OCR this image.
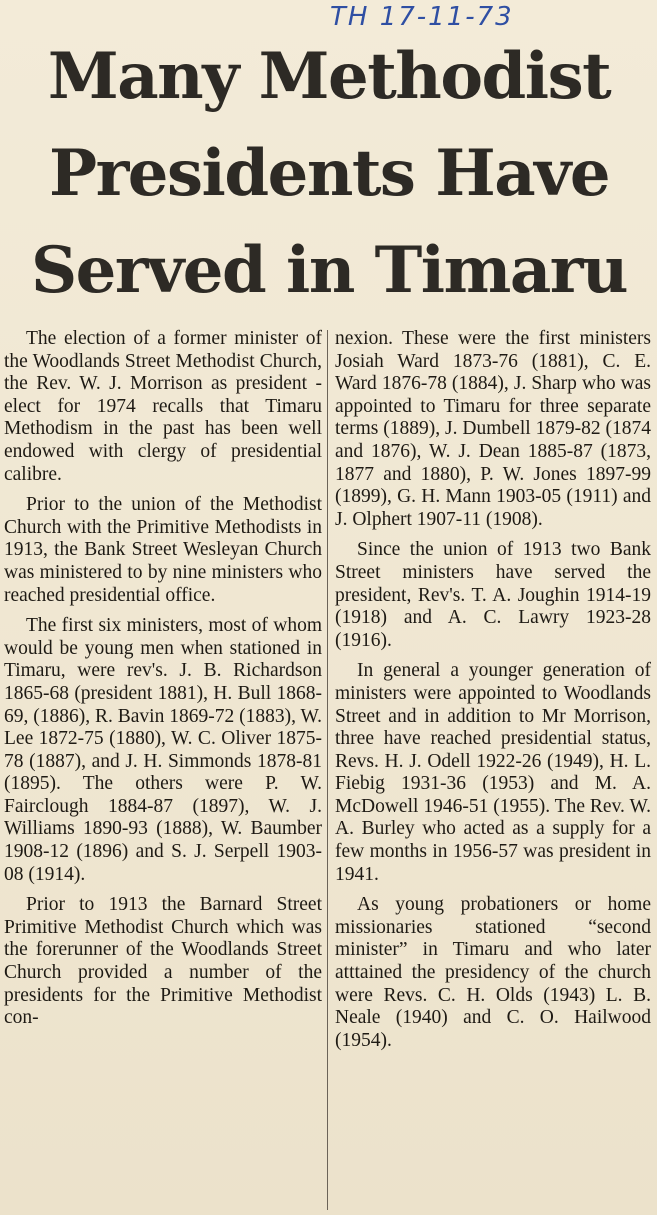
TH 17-11-73
Many Methodist
Presidents Have
Served in Timaru

The election of a former minister of the Woodlands Street Methodist Church, the Rev. W. J. Morrison as president - elect for 1974 recalls that Timaru Methodism in the past has been well endowed with clergy of presidential calibre.

Prior to the union of the Methodist Church with the Primitive Methodists in 1913, the Bank Street Wesleyan Church was ministered to by nine ministers who reached presidential office.

The first six ministers, most of whom would be young men when stationed in Timaru, were rev's. J. B. Richardson 1865-68 (president 1881), H. Bull 1868-69, (1886), R. Bavin 1869-72 (1883), W. Lee 1872-75 (1880), W. C. Oliver 1875-78 (1887), and J. H. Simmonds 1878-81 (1895). The others were P. W. Fairclough 1884-87 (1897), W. J. Williams 1890-93 (1888), W. Baumber 1908-12 (1896) and S. J. Serpell 1903-08 (1914).

Prior to 1913 the Barnard Street Primitive Methodist Church which was the forerunner of the Woodlands Street Church provided a number of the presidents for the Primitive Methodist con-

nexion. These were the first ministers Josiah Ward 1873-76 (1881), C. E. Ward 1876-78 (1884), J. Sharp who was appointed to Timaru for three separate terms (1889), J. Dumbell 1879-82 (1874 and 1876), W. J. Dean 1885-87 (1873, 1877 and 1880), P. W. Jones 1897-99 (1899), G. H. Mann 1903-05 (1911) and J. Olphert 1907-11 (1908).

Since the union of 1913 two Bank Street ministers have served the president, Rev's. T. A. Joughin 1914-19 (1918) and A. C. Lawry 1923-28 (1916).

In general a younger generation of ministers were appointed to Woodlands Street and in addition to Mr Morrison, three have reached presidential status, Revs. H. J. Odell 1922-26 (1949), H. L. Fiebig 1931-36 (1953) and M. A. McDowell 1946-51 (1955). The Rev. W. A. Burley who acted as a supply for a few months in 1956-57 was president in 1941.

As young probationers or home missionaries stationed “second minister” in Timaru and who later atttained the presidency of the church were Revs. C. H. Olds (1943) L. B. Neale (1940) and C. O. Hailwood (1954).
